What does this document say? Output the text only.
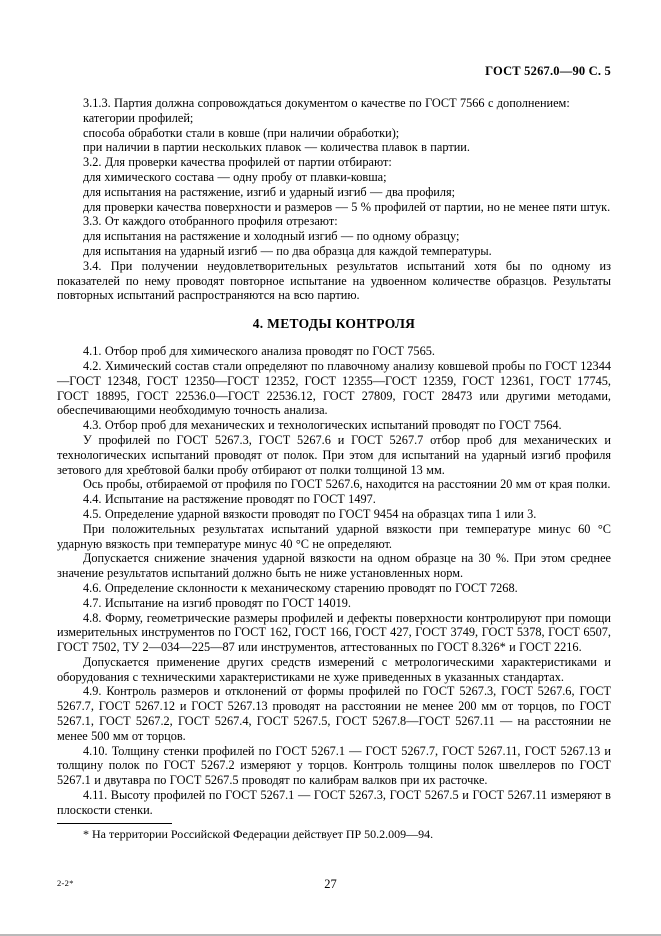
ГОСТ 5267.0—90 С. 5

3.1.3. Партия должна сопровождаться документом о качестве по ГОСТ 7566 с дополнением:

категории профилей;

способа обработки стали в ковше (при наличии обработки);

при наличии в партии нескольких плавок — количества плавок в партии.

3.2. Для проверки качества профилей от партии отбирают:

для химического состава — одну пробу от плавки-ковша;

для испытания на растяжение, изгиб и ударный изгиб — два профиля;

для проверки качества поверхности и размеров — 5 % профилей от партии, но не менее пяти штук.

3.3. От каждого отобранного профиля отрезают:

для испытания на растяжение и холодный изгиб — по одному образцу;

для испытания на ударный изгиб — по два образца для каждой температуры.

3.4. При получении неудовлетворительных результатов испытаний хотя бы по одному из показателей по нему проводят повторное испытание на удвоенном количестве образцов. Результаты повторных испытаний распространяются на всю партию.

4. МЕТОДЫ КОНТРОЛЯ

4.1. Отбор проб для химического анализа проводят по ГОСТ 7565.

4.2. Химический состав стали определяют по плавочному анализу ковшевой пробы по ГОСТ 12344—ГОСТ 12348, ГОСТ 12350—ГОСТ 12352, ГОСТ 12355—ГОСТ 12359, ГОСТ 12361, ГОСТ 17745, ГОСТ 18895, ГОСТ 22536.0—ГОСТ 22536.12, ГОСТ 27809, ГОСТ 28473 или другими методами, обеспечивающими необходимую точность анализа.

4.3. Отбор проб для механических и технологических испытаний проводят по ГОСТ 7564.

У профилей по ГОСТ 5267.3, ГОСТ 5267.6 и ГОСТ 5267.7 отбор проб для механических и технологических испытаний проводят от полок. При этом для испытаний на ударный изгиб профиля зетового для хребтовой балки пробу отбирают от полки толщиной 13 мм.

Ось пробы, отбираемой от профиля по ГОСТ 5267.6, находится на расстоянии 20 мм от края полки.

4.4. Испытание на растяжение проводят по ГОСТ 1497.

4.5. Определение ударной вязкости проводят по ГОСТ 9454 на образцах типа 1 или 3.

При положительных результатах испытаний ударной вязкости при температуре минус 60 °С ударную вязкость при температуре минус 40 °С не определяют.

Допускается снижение значения ударной вязкости на одном образце на 30 %. При этом среднее значение результатов испытаний должно быть не ниже установленных норм.

4.6. Определение склонности к механическому старению проводят по ГОСТ 7268.

4.7. Испытание на изгиб проводят по ГОСТ 14019.

4.8. Форму, геометрические размеры профилей и дефекты поверхности контролируют при помощи измерительных инструментов по ГОСТ 162, ГОСТ 166, ГОСТ 427, ГОСТ 3749, ГОСТ 5378, ГОСТ 6507, ГОСТ 7502, ТУ 2—034—225—87 или инструментов, аттестованных по ГОСТ 8.326* и ГОСТ 2216.

Допускается применение других средств измерений с метрологическими характеристиками и оборудования с техническими характеристиками не хуже приведенных в указанных стандартах.

4.9. Контроль размеров и отклонений от формы профилей по ГОСТ 5267.3, ГОСТ 5267.6, ГОСТ 5267.7, ГОСТ 5267.12 и ГОСТ 5267.13 проводят на расстоянии не менее 200 мм от торцов, по ГОСТ 5267.1, ГОСТ 5267.2, ГОСТ 5267.4, ГОСТ 5267.5, ГОСТ 5267.8—ГОСТ 5267.11 — на расстоянии не менее 500 мм от торцов.

4.10. Толщину стенки профилей по ГОСТ 5267.1 — ГОСТ 5267.7, ГОСТ 5267.11, ГОСТ 5267.13 и толщину полок по ГОСТ 5267.2 измеряют у торцов. Контроль толщины полок швеллеров по ГОСТ 5267.1 и двутавра по ГОСТ 5267.5 проводят по калибрам валков при их расточке.

4.11. Высоту профилей по ГОСТ 5267.1 — ГОСТ 5267.3, ГОСТ 5267.5 и ГОСТ 5267.11 измеряют в плоскости стенки.

* На территории Российской Федерации действует ПР 50.2.009—94.
2-2*	27
